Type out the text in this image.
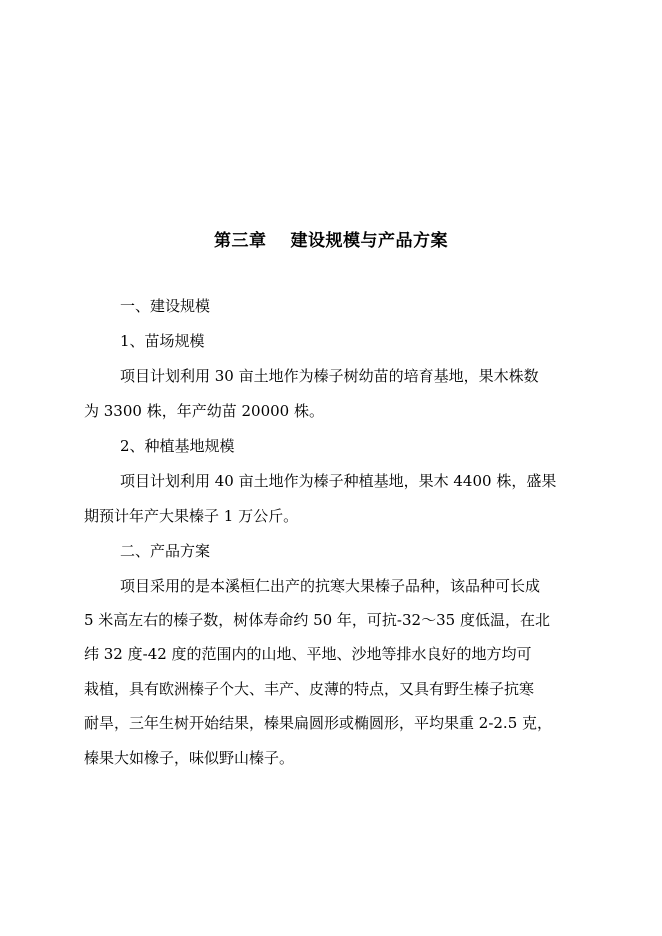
第三章　 建设规模与产品方案
一、建设规模
1、苗场规模
项目计划利用 30 亩土地作为榛子树幼苗的培育基地，果木株数
为 3300 株，年产幼苗 20000 株。
2、种植基地规模
项目计划利用 40 亩土地作为榛子种植基地，果木 4400 株，盛果
期预计年产大果榛子 1 万公斤。
二、产品方案
项目采用的是本溪桓仁出产的抗寒大果榛子品种，该品种可长成
5 米高左右的榛子数，树体寿命约 50 年，可抗-32～35 度低温，在北
纬 32 度-42 度的范围内的山地、平地、沙地等排水良好的地方均可
栽植，具有欧洲榛子个大、丰产、皮薄的特点，又具有野生榛子抗寒
耐旱，三年生树开始结果，榛果扁圆形或椭圆形，平均果重 2-2.5 克，
榛果大如橡子，味似野山榛子。
